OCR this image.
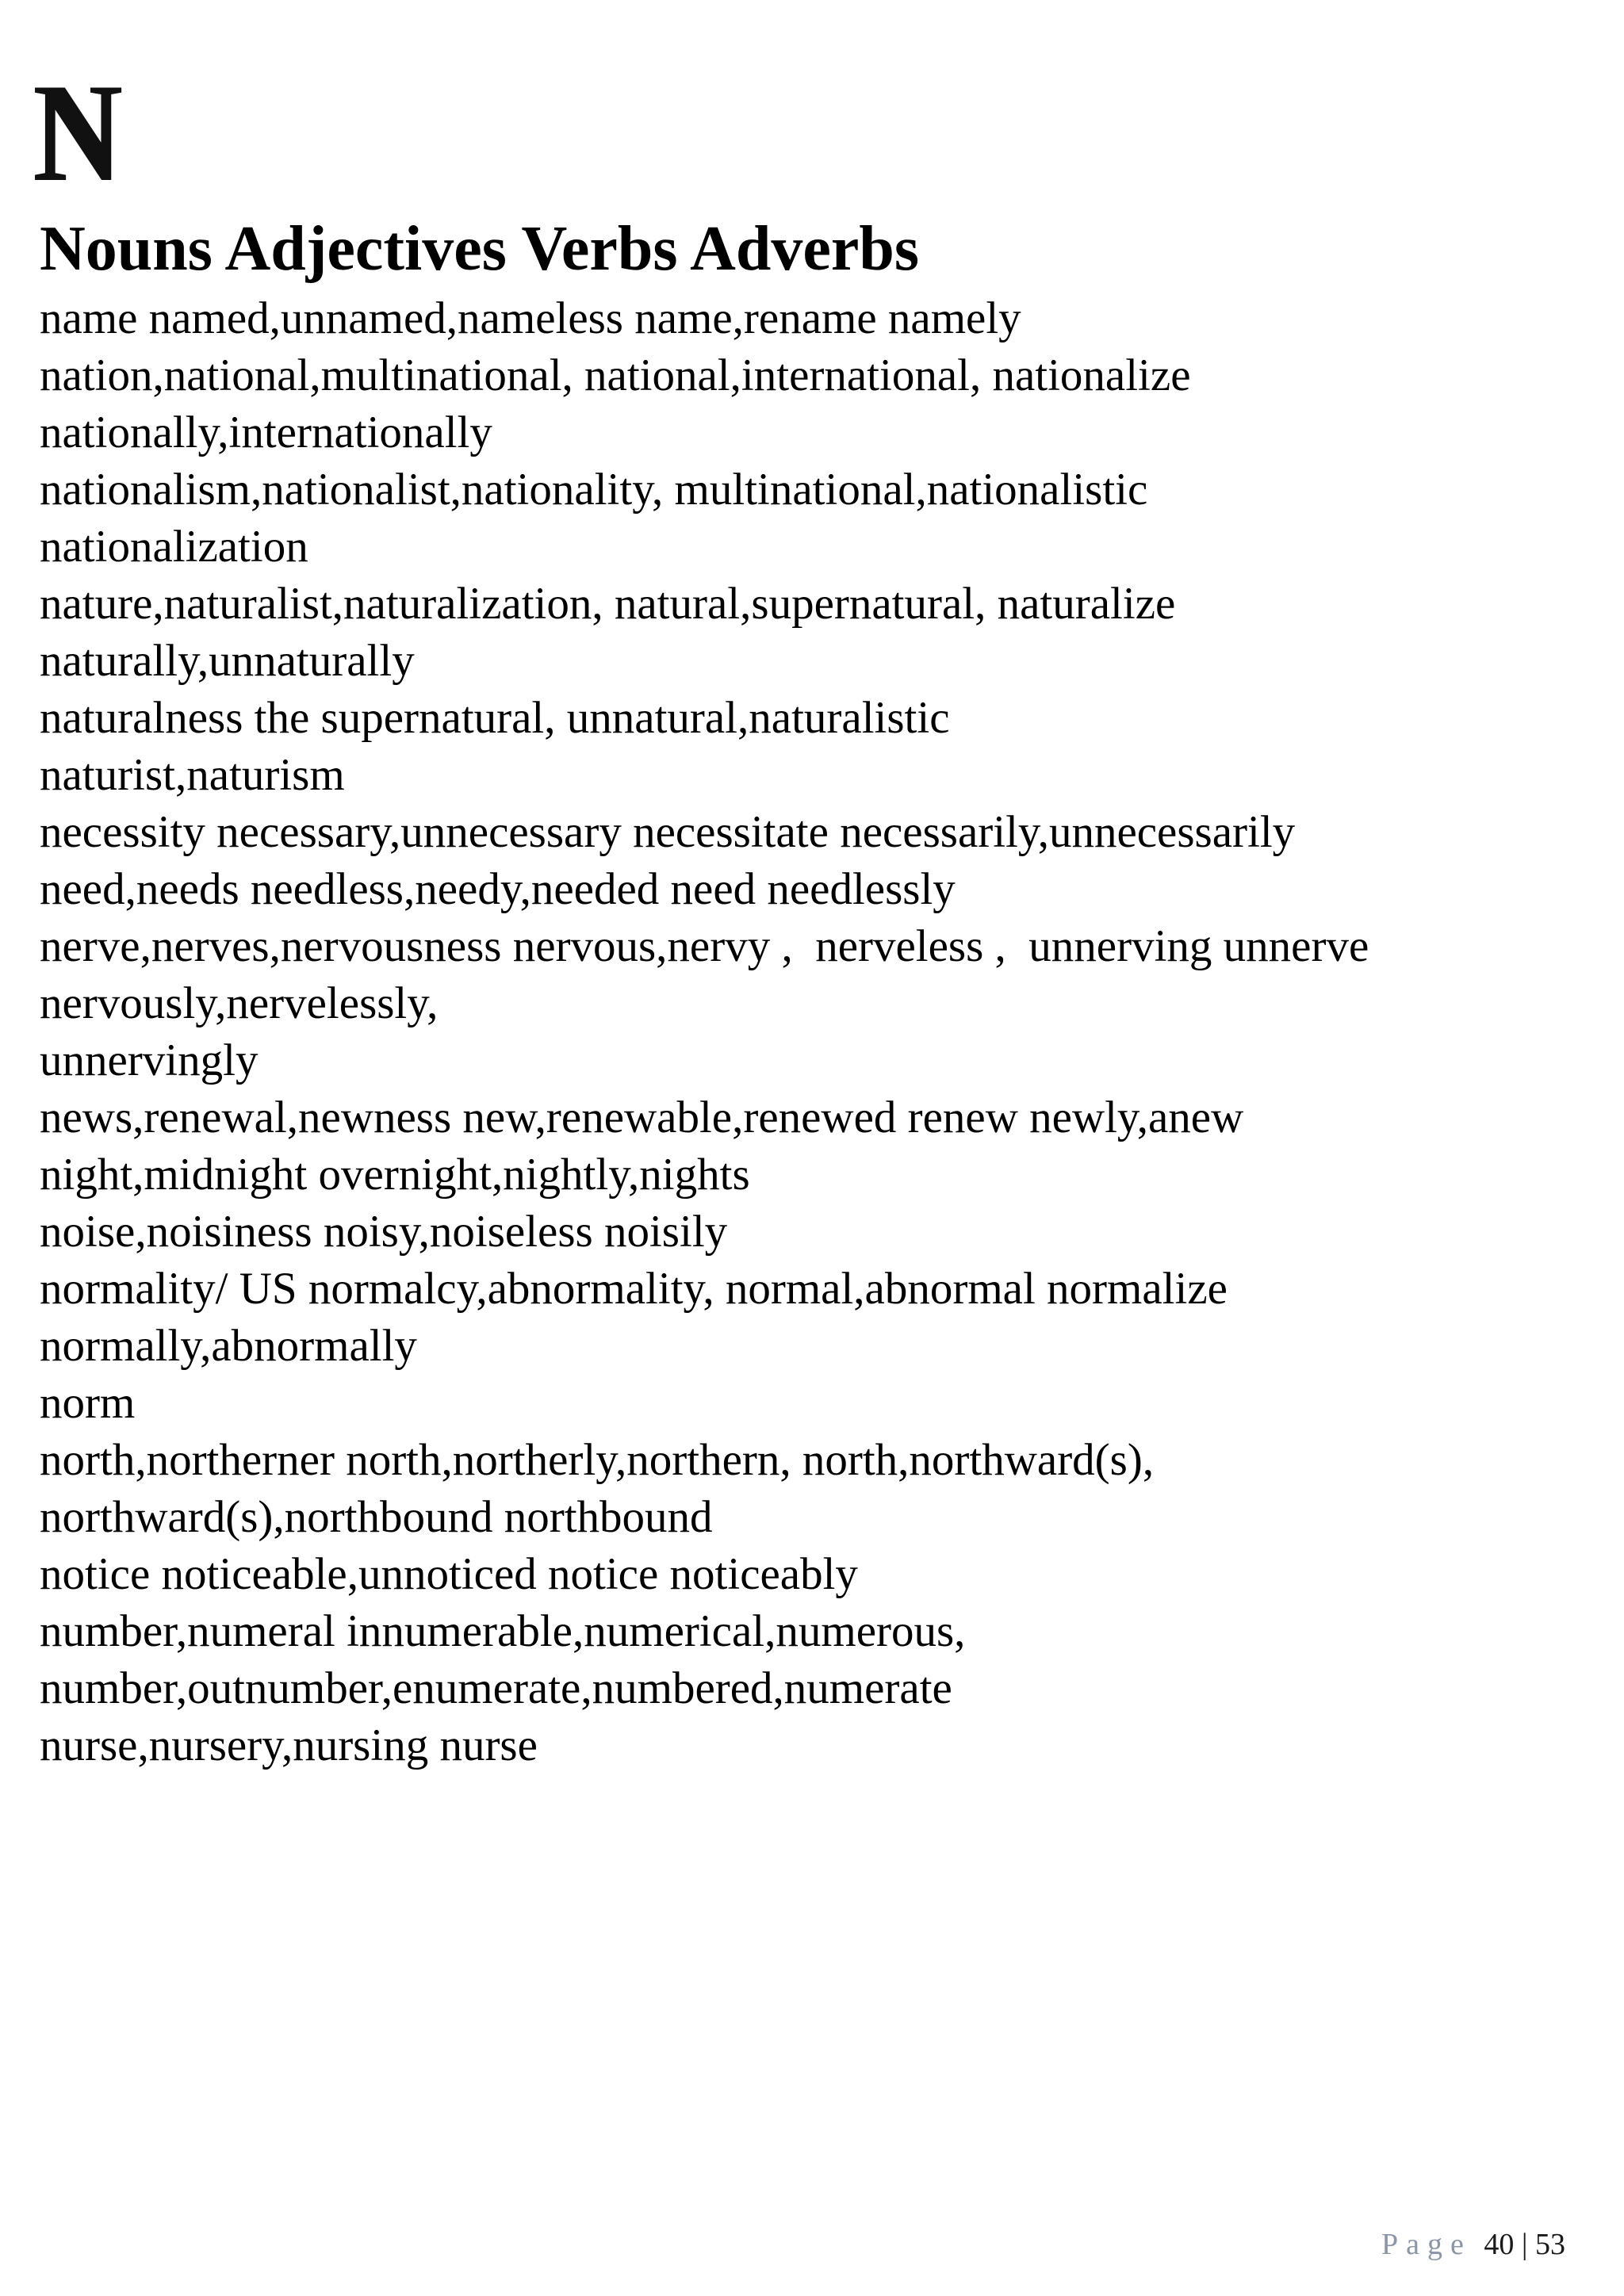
N
Nouns Adjectives Verbs Adverbs
name named,unnamed,nameless name,rename namely
nation,national,multinational, national,international, nationalize
nationally,internationally
nationalism,nationalist,nationality, multinational,nationalistic
nationalization
nature,naturalist,naturalization, natural,supernatural, naturalize
naturally,unnaturally
naturalness the supernatural, unnatural,naturalistic
naturist,naturism
necessity necessary,unnecessary necessitate necessarily,unnecessarily
need,needs needless,needy,needed need needlessly
nerve,nerves,nervousness nervous,nervy ,  nerveless ,  unnerving unnerve
nervously,nervelessly,
unnervingly
news,renewal,newness new,renewable,renewed renew newly,anew
night,midnight overnight,nightly,nights
noise,noisiness noisy,noiseless noisily
normality/ US normalcy,abnormality, normal,abnormal normalize
normally,abnormally
norm
north,northerner north,northerly,northern, north,northward(s),
northward(s),northbound northbound
notice noticeable,unnoticed notice noticeably
number,numeral innumerable,numerical,numerous,
number,outnumber,enumerate,numbered,numerate
nurse,nursery,nursing nurse
Page 40 | 53
